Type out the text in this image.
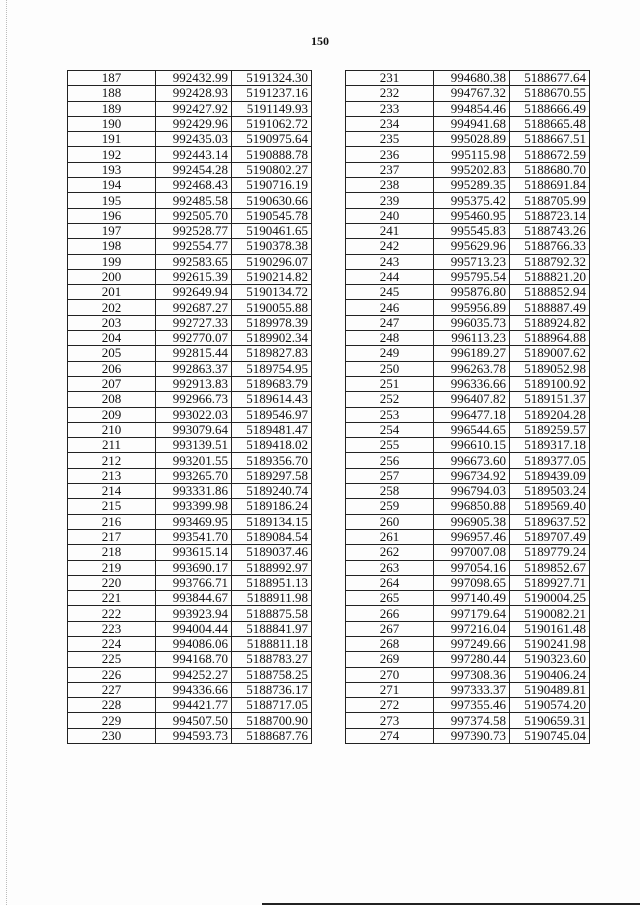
150
187	992432.99	5191324.30
188	992428.93	5191237.16
189	992427.92	5191149.93
190	992429.96	5191062.72
191	992435.03	5190975.64
192	992443.14	5190888.78
193	992454.28	5190802.27
194	992468.43	5190716.19
195	992485.58	5190630.66
196	992505.70	5190545.78
197	992528.77	5190461.65
198	992554.77	5190378.38
199	992583.65	5190296.07
200	992615.39	5190214.82
201	992649.94	5190134.72
202	992687.27	5190055.88
203	992727.33	5189978.39
204	992770.07	5189902.34
205	992815.44	5189827.83
206	992863.37	5189754.95
207	992913.83	5189683.79
208	992966.73	5189614.43
209	993022.03	5189546.97
210	993079.64	5189481.47
211	993139.51	5189418.02
212	993201.55	5189356.70
213	993265.70	5189297.58
214	993331.86	5189240.74
215	993399.98	5189186.24
216	993469.95	5189134.15
217	993541.70	5189084.54
218	993615.14	5189037.46
219	993690.17	5188992.97
220	993766.71	5188951.13
221	993844.67	5188911.98
222	993923.94	5188875.58
223	994004.44	5188841.97
224	994086.06	5188811.18
225	994168.70	5188783.27
226	994252.27	5188758.25
227	994336.66	5188736.17
228	994421.77	5188717.05
229	994507.50	5188700.90
230	994593.73	5188687.76
231	994680.38	5188677.64
232	994767.32	5188670.55
233	994854.46	5188666.49
234	994941.68	5188665.48
235	995028.89	5188667.51
236	995115.98	5188672.59
237	995202.83	5188680.70
238	995289.35	5188691.84
239	995375.42	5188705.99
240	995460.95	5188723.14
241	995545.83	5188743.26
242	995629.96	5188766.33
243	995713.23	5188792.32
244	995795.54	5188821.20
245	995876.80	5188852.94
246	995956.89	5188887.49
247	996035.73	5188924.82
248	996113.23	5188964.88
249	996189.27	5189007.62
250	996263.78	5189052.98
251	996336.66	5189100.92
252	996407.82	5189151.37
253	996477.18	5189204.28
254	996544.65	5189259.57
255	996610.15	5189317.18
256	996673.60	5189377.05
257	996734.92	5189439.09
258	996794.03	5189503.24
259	996850.88	5189569.40
260	996905.38	5189637.52
261	996957.46	5189707.49
262	997007.08	5189779.24
263	997054.16	5189852.67
264	997098.65	5189927.71
265	997140.49	5190004.25
266	997179.64	5190082.21
267	997216.04	5190161.48
268	997249.66	5190241.98
269	997280.44	5190323.60
270	997308.36	5190406.24
271	997333.37	5190489.81
272	997355.46	5190574.20
273	997374.58	5190659.31
274	997390.73	5190745.04
